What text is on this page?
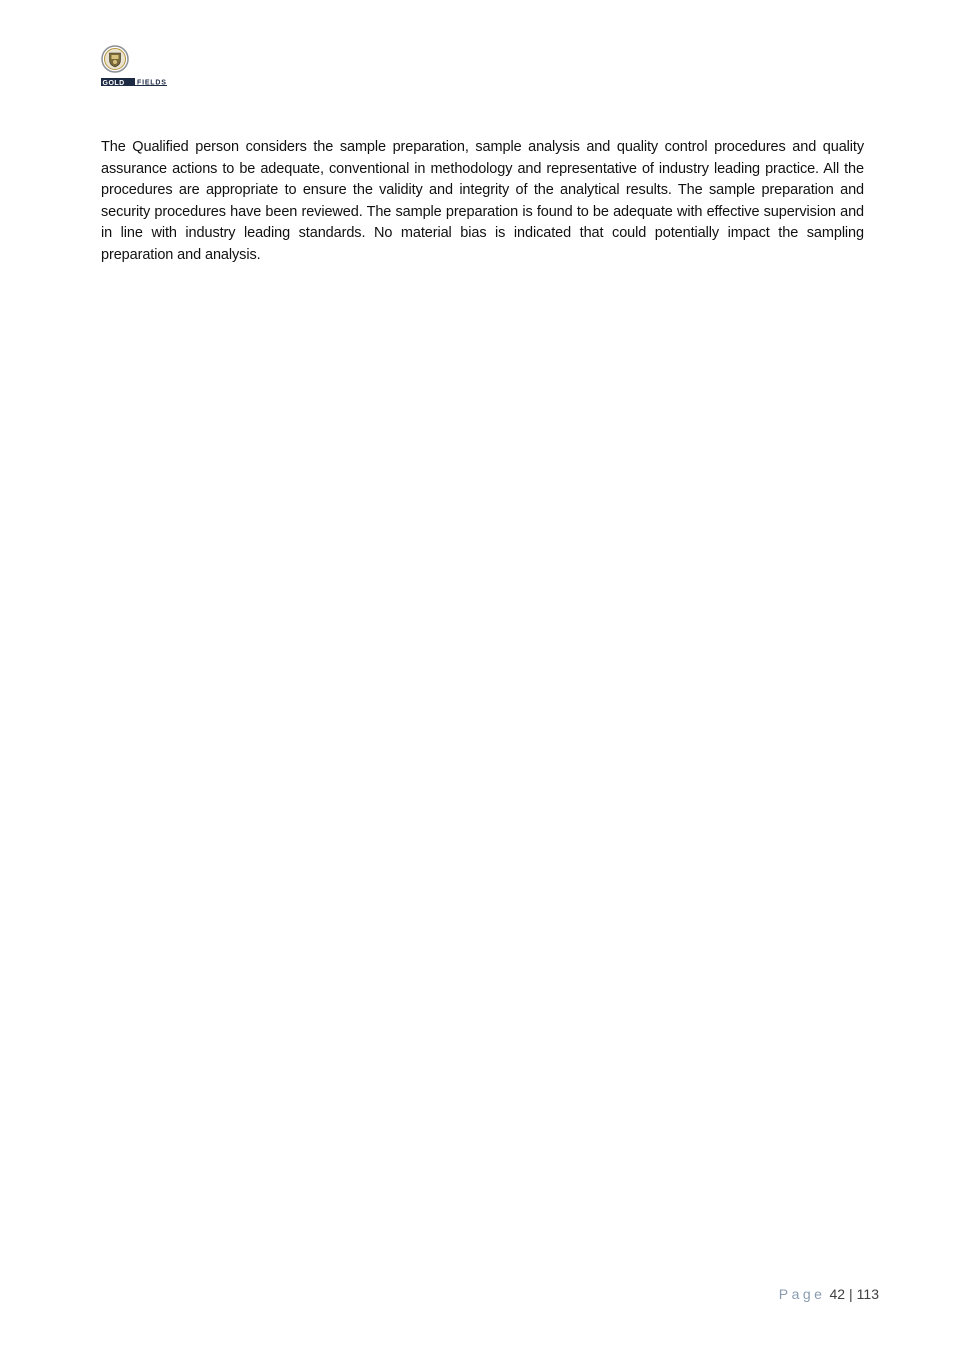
GOLD FIELDS

The Qualified person considers the sample preparation, sample analysis and quality control procedures and quality assurance actions to be adequate, conventional in methodology and representative of industry leading practice. All the procedures are appropriate to ensure the validity and integrity of the analytical results. The sample preparation and security procedures have been reviewed. The sample preparation is found to be adequate with effective supervision and in line with industry leading standards. No material bias is indicated that could potentially impact the sampling preparation and analysis.

Page 42 | 113
